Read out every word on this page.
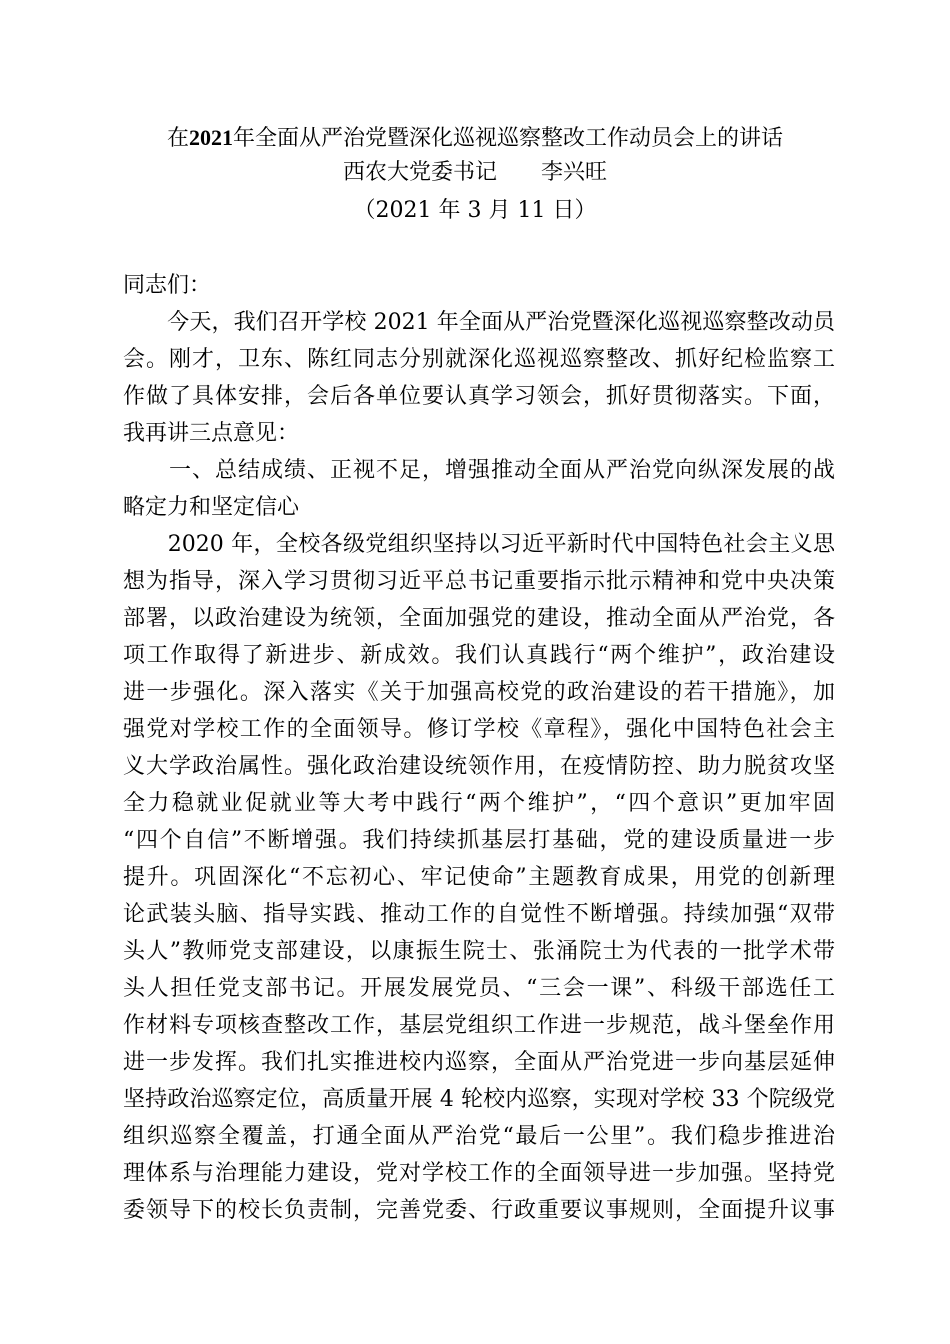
在2021年全面从严治党暨深化巡视巡察整改工作动员会上的讲话
西农大党委书记　　李兴旺
（2021 年 3 月 11 日）
同志们：
　　今天，我们召开学校 2021 年全面从严治党暨深化巡视巡察整改动员
会。刚才，卫东、陈红同志分别就深化巡视巡察整改、抓好纪检监察工
作做了具体安排，会后各单位要认真学习领会，抓好贯彻落实。下面，
我再讲三点意见：
　　一、总结成绩、正视不足，增强推动全面从严治党向纵深发展的战
略定力和坚定信心
　　2020 年，全校各级党组织坚持以习近平新时代中国特色社会主义思
想为指导，深入学习贯彻习近平总书记重要指示批示精神和党中央决策
部署，以政治建设为统领，全面加强党的建设，推动全面从严治党，各
项工作取得了新进步、新成效。我们认真践行“两个维护”，政治建设
进一步强化。深入落实《关于加强高校党的政治建设的若干措施》，加
强党对学校工作的全面领导。修订学校《章程》，强化中国特色社会主
义大学政治属性。强化政治建设统领作用，在疫情防控、助力脱贫攻坚
全力稳就业促就业等大考中践行“两个维护”，“四个意识”更加牢固
“四个自信”不断增强。我们持续抓基层打基础，党的建设质量进一步
提升。巩固深化“不忘初心、牢记使命”主题教育成果，用党的创新理
论武装头脑、指导实践、推动工作的自觉性不断增强。持续加强“双带
头人”教师党支部建设，以康振生院士、张涌院士为代表的一批学术带
头人担任党支部书记。开展发展党员、“三会一课”、科级干部选任工
作材料专项核查整改工作，基层党组织工作进一步规范，战斗堡垒作用
进一步发挥。我们扎实推进校内巡察，全面从严治党进一步向基层延伸
坚持政治巡察定位，高质量开展 4 轮校内巡察，实现对学校 33 个院级党
组织巡察全覆盖，打通全面从严治党“最后一公里”。我们稳步推进治
理体系与治理能力建设，党对学校工作的全面领导进一步加强。坚持党
委领导下的校长负责制，完善党委、行政重要议事规则，全面提升议事
